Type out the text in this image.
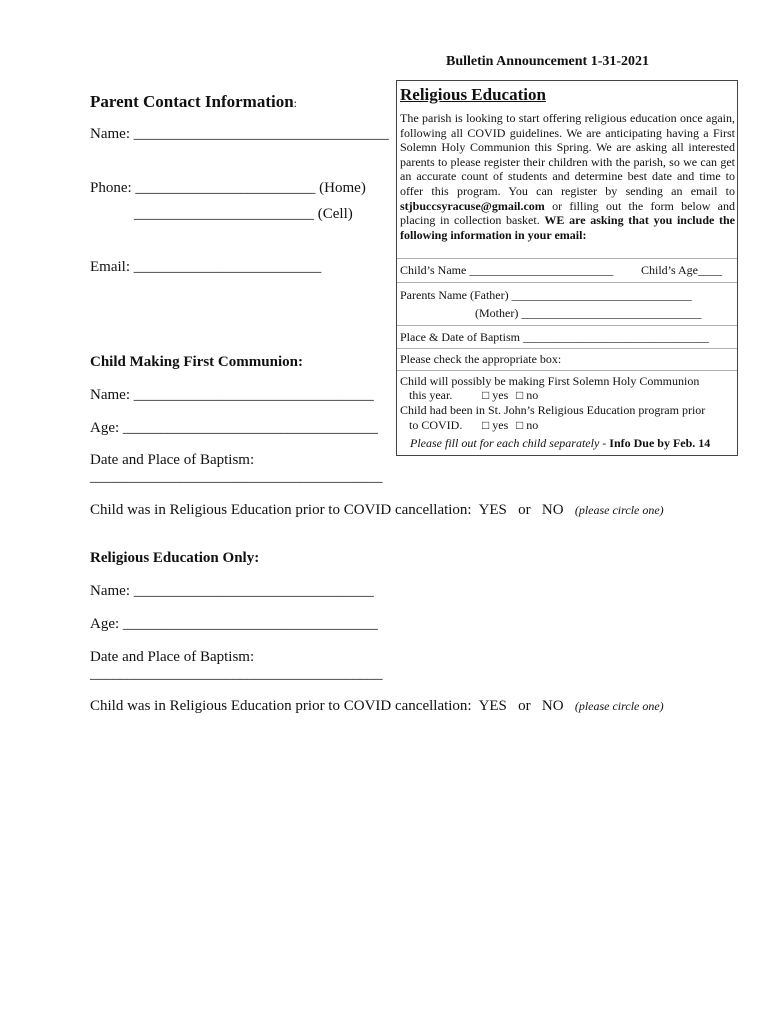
Bulletin Announcement 1-31-2021
Parent Contact Information:
Name: __________________________________
Phone: ________________________ (Home)
________________________ (Cell)
Email: _________________________
Religious Education
The parish is looking to start offering religious education once again, following all COVID guidelines. We are anticipating having a First Solemn Holy Communion this Spring. We are asking all interested parents to please register their children with the parish, so we can get an accurate count of students and determine best date and time to offer this program. You can register by sending an email to stjbuccsyracuse@gmail.com or filling out the form below and placing in collection basket. WE are asking that you include the following information in your email:
Child’s Name ________________________ Child’s Age____
Parents Name (Father) ______________________________
(Mother) ______________________________
Place & Date of Baptism _______________________________
Please check the appropriate box:
Child will possibly be making First Solemn Holy Communion
this year. □ yes □ no
Child had been in St. John’s Religious Education program prior
to COVID. □ yes □ no
Please fill out for each child separately - Info Due by Feb. 14
Child Making First Communion:
Name: ________________________________
Age: __________________________________
Date and Place of Baptism:
_______________________________________
Child was in Religious Education prior to COVID cancellation: YES or NO (please circle one)
Religious Education Only:
Name: ________________________________
Age: __________________________________
Date and Place of Baptism:
_______________________________________
Child was in Religious Education prior to COVID cancellation: YES or NO (please circle one)
